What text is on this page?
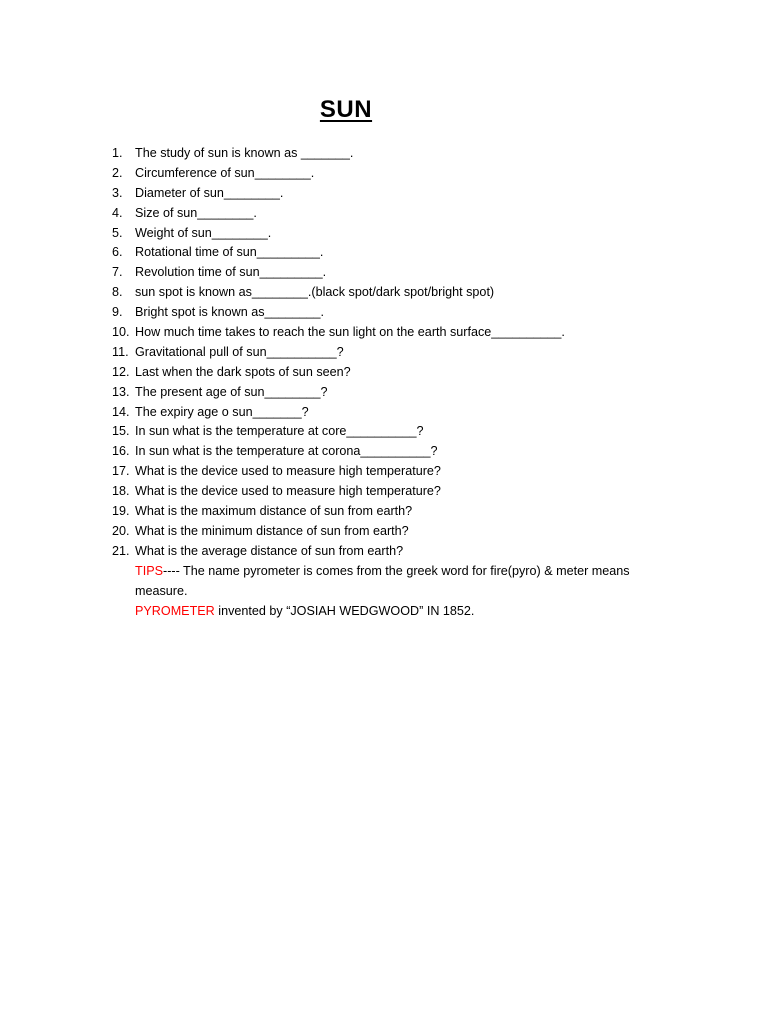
SUN
1. The study of sun is known as _______.
2. Circumference of sun________.
3. Diameter of sun________.
4.Size of sun________.
5. Weight of sun________.
6. Rotational time of sun_________.
7.Revolution time of sun_________.
8. sun spot is known as________.(black spot/dark spot/bright spot)
9. Bright spot is known as________.
10. How much time takes to reach the sun light on the earth surface__________.
11. Gravitational pull of sun__________?
12. Last when the dark spots of sun seen?
13. The present age of sun________?
14. The expiry age o sun_______?
15. In sun what is the temperature at core__________?
16.In sun what is the temperature at corona__________?
17. What is the device used to measure high temperature?
18. What is the device used to measure high temperature?
19. What is the maximum distance of sun from earth?
20. What is the minimum distance of sun from earth?
21. What is the average distance of sun from earth?
TIPS---- The name pyrometer is comes from the greek word for fire(pyro) & meter means
measure.
PYROMETER invented by “JOSIAH WEDGWOOD” IN 1852.
